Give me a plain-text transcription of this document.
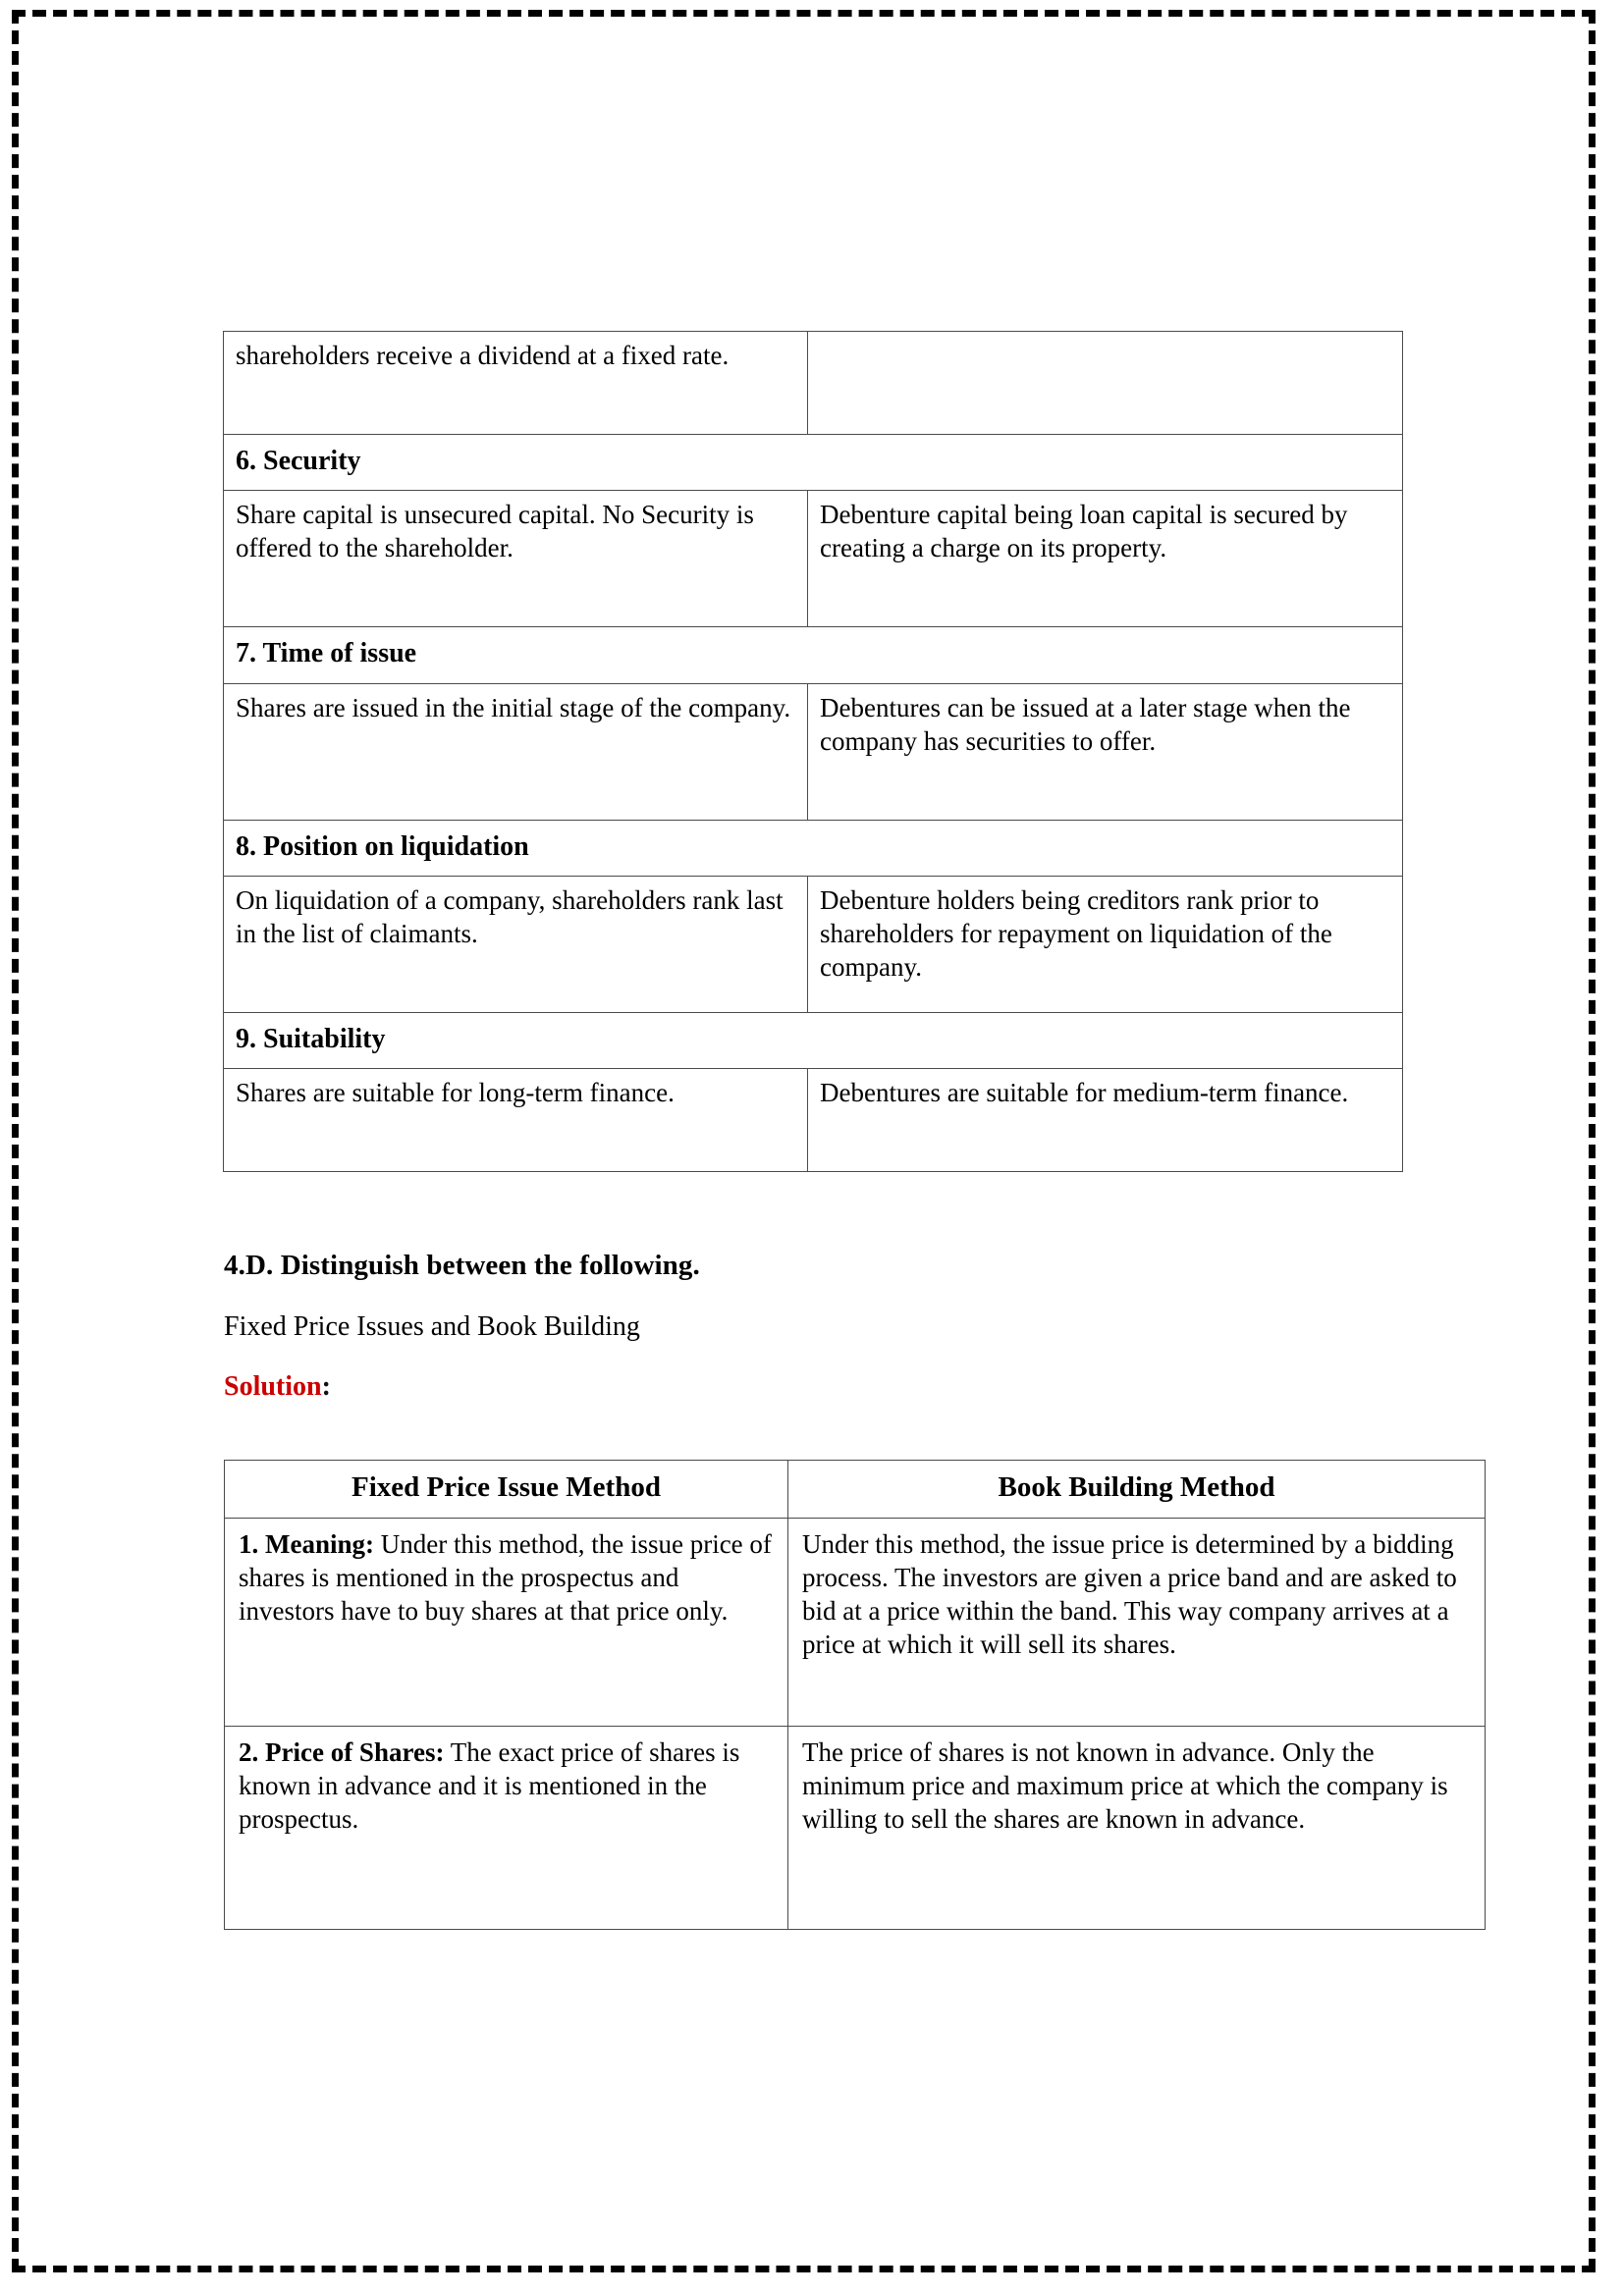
shareholders receive a dividend at a fixed rate.	
6. Security	
Share capital is unsecured capital. No Security is offered to the shareholder.	Debenture capital being loan capital is secured by creating a charge on its property.
7. Time of issue	
Shares are issued in the initial stage of the company.	Debentures can be issued at a later stage when the company has securities to offer.
8. Position on liquidation	
On liquidation of a company, shareholders rank last in the list of claimants.	Debenture holders being creditors rank prior to shareholders for repayment on liquidation of the company.
9. Suitability	
Shares are suitable for long-term finance.	Debentures are suitable for medium-term finance.

4.D. Distinguish between the following.

Fixed Price Issues and Book Building

Solution:

Fixed Price Issue Method	Book Building Method
1. Meaning: Under this method, the issue price of shares is mentioned in the prospectus and investors have to buy shares at that price only.	Under this method, the issue price is determined by a bidding process. The investors are given a price band and are asked to bid at a price within the band. This way company arrives at a price at which it will sell its shares.
2. Price of Shares: The exact price of shares is known in advance and it is mentioned in the prospectus.	The price of shares is not known in advance. Only the minimum price and maximum price at which the company is willing to sell the shares are known in advance.
